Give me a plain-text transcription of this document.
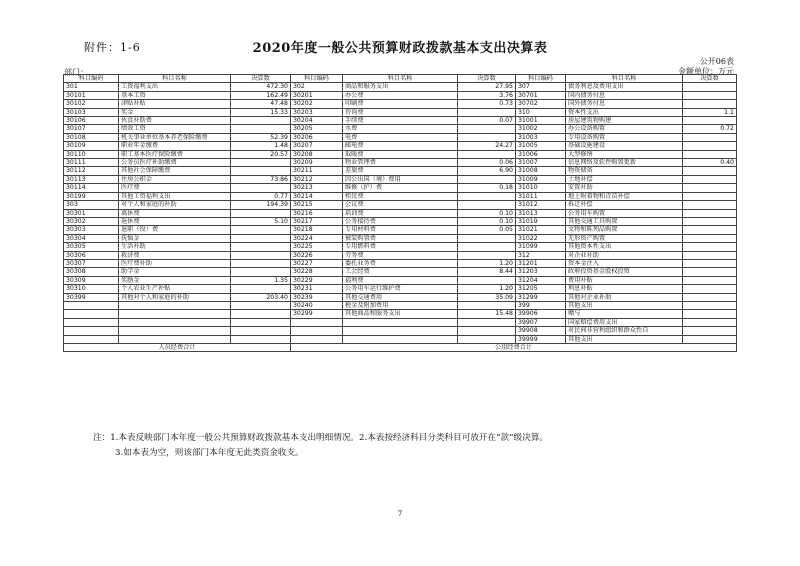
附件：1-6	2020年度一般公共预算财政拨款基本支出决算表
公开06表
金额单位：万元
部门：
科目编码	科目名称	决算数	科目编码	科目名称	决算数	科目编码	科目名称	决算数
301	工资福利支出	472.30	302	商品和服务支出	27.95	307	债务利息及费用支出	
30101	基本工资	162.49	30201	办公费	3.76	30701	国内债务付息	
30102	津贴补贴	47.48	30202	印刷费	0.73	30702	国外债务付息	
30103	奖金	15.33	30203	咨询费		310	资本性支出	1.1
30106	伙食补助费		30204	手续费	0.07	31001	房屋建筑物购建	
30107	绩效工资		30205	水费		31002	办公设备购置	0.72
30108	机关事业单位基本养老保险缴费	52.39	30206	电费		31003	专用设备购置	
30109	职业年金缴费	1.48	30207	邮电费	24.27	31005	基础设施建设	
30110	职工基本医疗保险缴费	20.57	30208	取暖费		31006	大型修缮	
30111	公务员医疗补助缴费		30209	物业管理费	0.06	31007	信息网络及软件购置更新	0.40
30112	其他社会保障缴费		30211	差旅费	6.90	31008	物资储备	
30113	住房公积金	73.86	30212	因公出国（境）费用		31009	土地补偿	
30114	医疗费		30213	维修（护）费	0.18	31010	安置补助	
30199	其他工资福利支出	0.77	30214	租赁费		31011	地上附着物和青苗补偿	
303	对个人和家庭的补助	194.39	30215	会议费		31012	拆迁补偿	
30301	离休费		30216	培训费	0.10	31013	公务用车购置	
30302	退休费	5.10	30217	公务接待费	0.10	31019	其他交通工具购置	
30303	退职（役）费		30218	专用材料费	0.05	31021	文物和陈列品购置	
30304	抚恤金		30224	被装购置费		31022	无形资产购置	
30305	生活补助		30225	专用燃料费		31099	其他资本性支出	
30306	救济费		30226	劳务费		312	对企业补助	
30307	医疗费补助		30227	委托业务费	1.20	31201	资本金注入	
30308	助学金		30228	工会经费	8.44	31203	政府投资基金股权投资	
30309	奖励金	1.35	30229	福利费		31204	费用补贴	
30310	个人农业生产补贴		30231	公务用车运行维护费	1.20	31205	利息补贴	
30399	其他对个人和家庭的补助	203.40	30239	其他交通费用	35.09	31299	其他对企业补助	
			30240	税金及附加费用		399	其他支出	
			30299	其他商品和服务支出	15.48	39906	赠与	
						39907	国家赔偿费用支出	
						39908	对民间非营利组织和群众性自	
						39999	其他支出	
人员经费合计			公用经费合计					
注：1.本表反映部门本年度一般公共预算财政拨款基本支出明细情况。2.本表按经济科目分类科目可放开在“款”级决算。
3.如本表为空，则该部门本年度无此类资金收支。
7
